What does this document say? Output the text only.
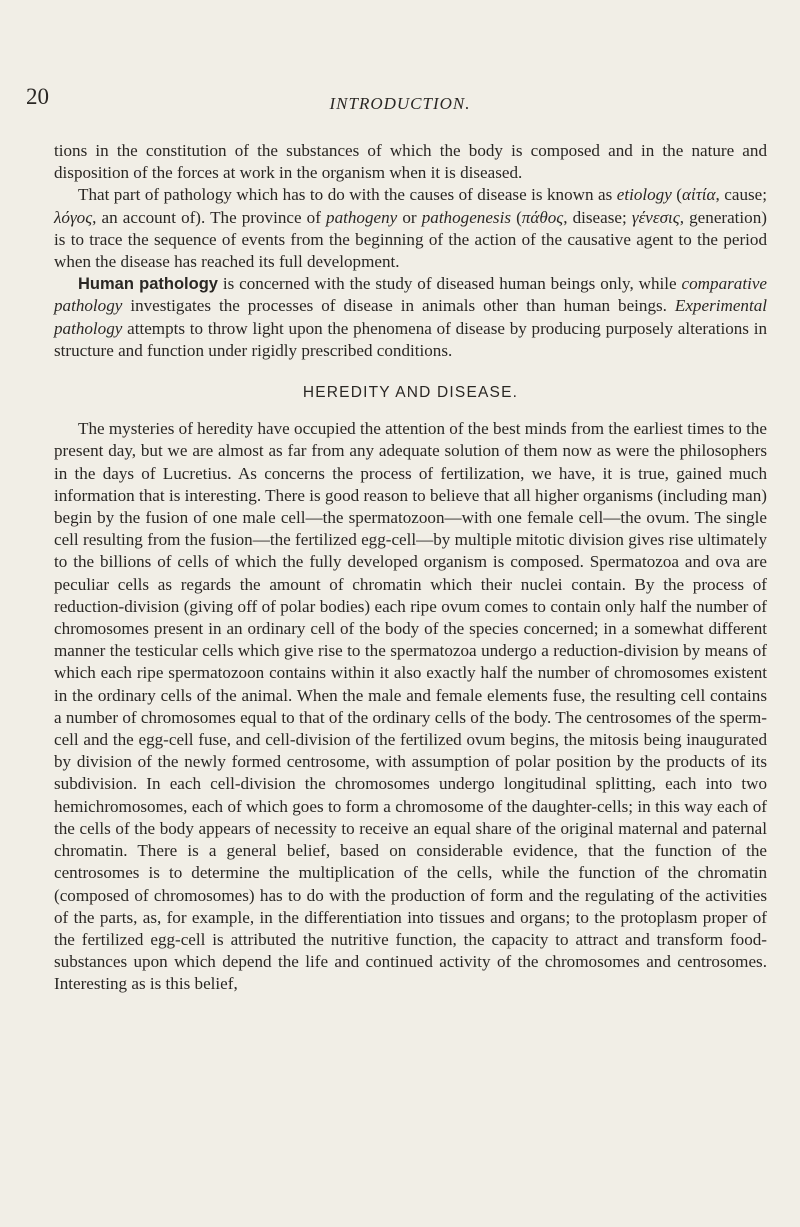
20	INTRODUCTION.

tions in the constitution of the substances of which the body is composed and in the nature and disposition of the forces at work in the organism when it is diseased.

That part of pathology which has to do with the causes of disease is known as etiology (αἰτία, cause; λόγος, an account of). The province of pathogeny or pathogenesis (πάθος, disease; γένεσις, generation) is to trace the sequence of events from the beginning of the action of the causative agent to the period when the disease has reached its full development.

Human pathology is concerned with the study of diseased human beings only, while comparative pathology investigates the processes of disease in animals other than human beings. Experimental pathology attempts to throw light upon the phenomena of disease by producing purposely alterations in structure and function under rigidly prescribed conditions.

HEREDITY AND DISEASE.

The mysteries of heredity have occupied the attention of the best minds from the earliest times to the present day, but we are almost as far from any adequate solution of them now as were the philosophers in the days of Lucretius. As concerns the process of fertilization, we have, it is true, gained much information that is interesting. There is good reason to believe that all higher organisms (including man) begin by the fusion of one male cell—the spermatozoon—with one female cell—the ovum. The single cell resulting from the fusion—the fertilized egg-cell—by multiple mitotic division gives rise ultimately to the billions of cells of which the fully developed organism is composed. Spermatozoa and ova are peculiar cells as regards the amount of chromatin which their nuclei contain. By the process of reduction-division (giving off of polar bodies) each ripe ovum comes to contain only half the number of chromosomes present in an ordinary cell of the body of the species concerned; in a somewhat different manner the testicular cells which give rise to the spermatozoa undergo a reduction-division by means of which each ripe spermatozoon contains within it also exactly half the number of chromosomes existent in the ordinary cells of the animal. When the male and female elements fuse, the resulting cell contains a number of chromosomes equal to that of the ordinary cells of the body. The centrosomes of the sperm-cell and the egg-cell fuse, and cell-division of the fertilized ovum begins, the mitosis being inaugurated by division of the newly formed centrosome, with assumption of polar position by the products of its subdivision. In each cell-division the chromosomes undergo longitudinal splitting, each into two hemichromosomes, each of which goes to form a chromosome of the daughter-cells; in this way each of the cells of the body appears of necessity to receive an equal share of the original maternal and paternal chromatin. There is a general belief, based on considerable evidence, that the function of the centrosomes is to determine the multiplication of the cells, while the function of the chromatin (composed of chromosomes) has to do with the production of form and the regulating of the activities of the parts, as, for example, in the differentiation into tissues and organs; to the protoplasm proper of the fertilized egg-cell is attributed the nutritive function, the capacity to attract and transform food-substances upon which depend the life and continued activity of the chromosomes and centrosomes. Interesting as is this belief,
